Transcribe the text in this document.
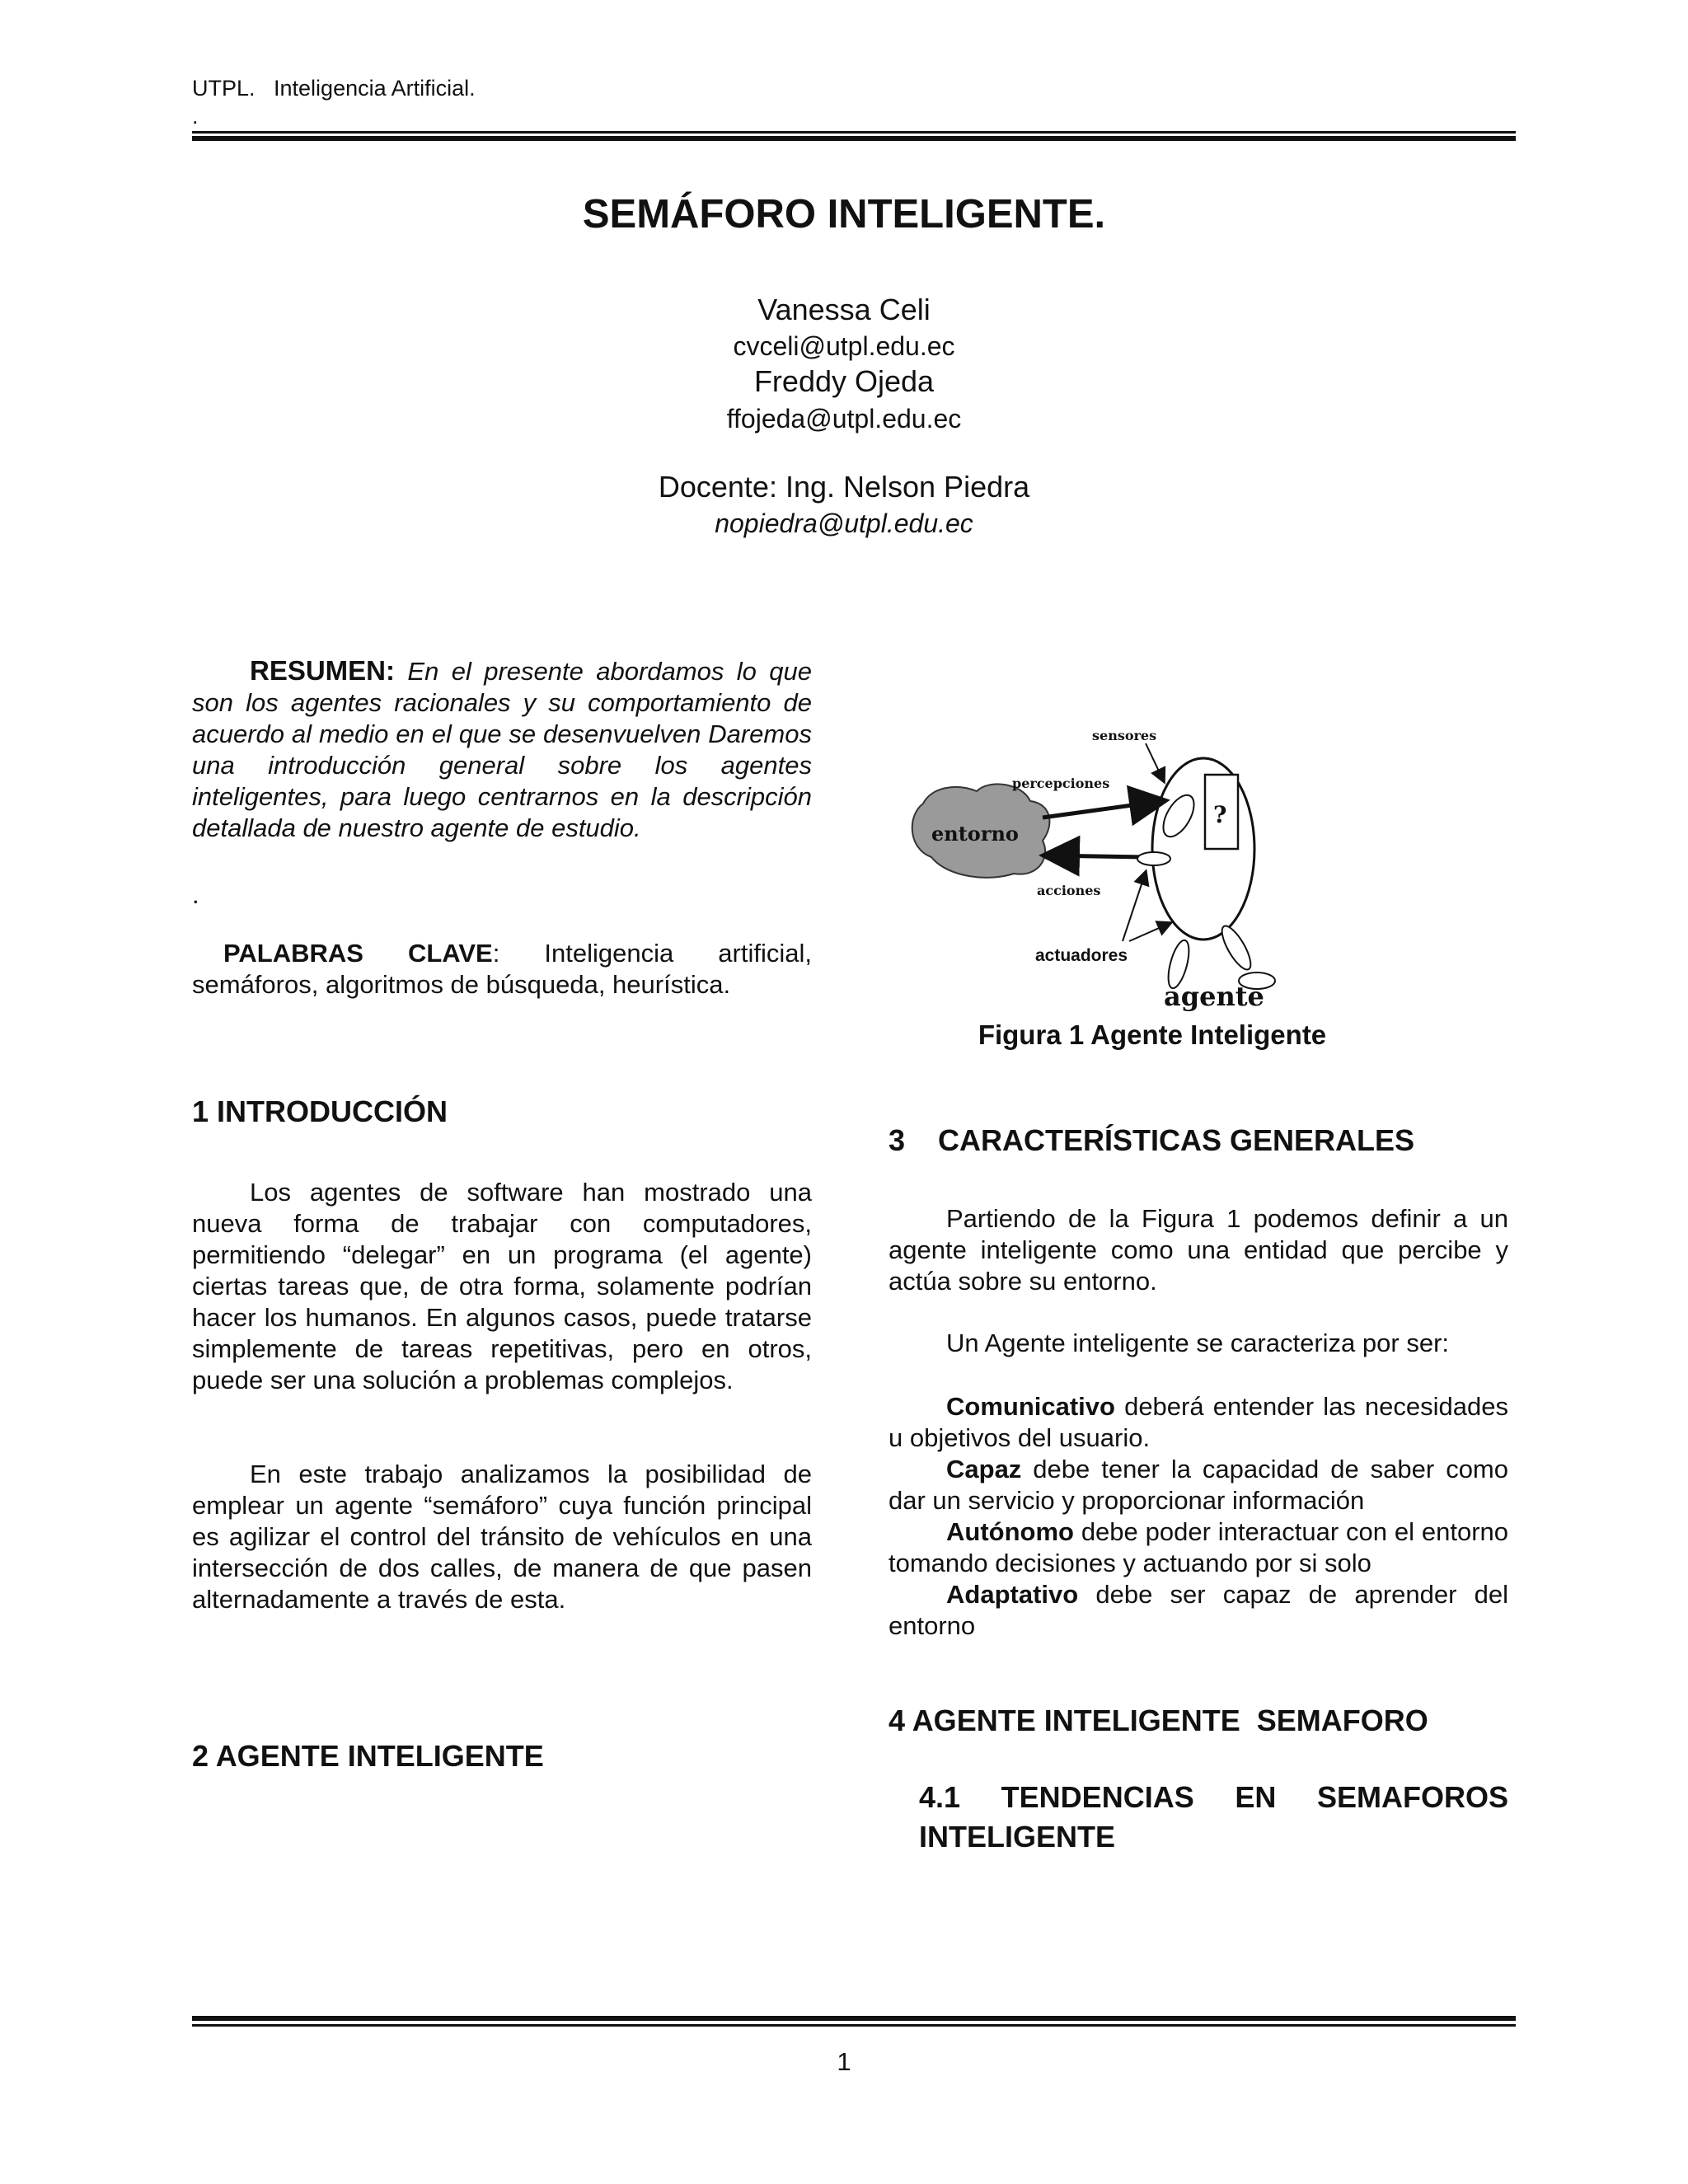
UTPL.   Inteligencia Artificial.
.
SEMÁFORO INTELIGENTE.
Vanessa Celi
cvceli@utpl.edu.ec
Freddy Ojeda
ffojeda@utpl.edu.ec
Docente: Ing. Nelson Piedra
nopiedra@utpl.edu.ec
RESUMEN: En el presente abordamos lo que son los agentes racionales y su comportamiento de acuerdo al medio en el que se desenvuelven Daremos una introducción general sobre los agentes inteligentes, para luego centrarnos en la descripción detallada de nuestro agente de estudio.
.
PALABRAS CLAVE: Inteligencia artificial, semáforos, algoritmos de búsqueda, heurística.
1 INTRODUCCIÓN
Los agentes de software han mostrado una nueva forma de trabajar con computadores, permitiendo “delegar” en un programa (el agente) ciertas tareas que, de otra forma, solamente podrían hacer los humanos. En algunos casos, puede tratarse simplemente de tareas repetitivas, pero en otros, puede ser una solución a problemas complejos.
En este trabajo analizamos la posibilidad de emplear un agente “semáforo” cuya función principal es agilizar el control del tránsito de vehículos en una intersección de dos calles, de manera de que pasen alternadamente a través de esta.
2 AGENTE INTELIGENTE
entorno
?
sensores
percepciones
acciones
actuadores
agente
Figura 1 Agente Inteligente
3    CARACTERÍSTICAS GENERALES
Partiendo de la Figura 1 podemos definir a un agente inteligente como una entidad que percibe y actúa sobre su entorno.
Un Agente inteligente se caracteriza por ser:
Comunicativo deberá entender las necesidades u objetivos del usuario.
Capaz debe tener la capacidad de saber como dar un servicio y proporcionar información
Autónomo debe poder interactuar con el entorno tomando decisiones y actuando por si solo
Adaptativo debe ser capaz de aprender del entorno
4 AGENTE INTELIGENTE  SEMAFORO
4.1 TENDENCIAS EN SEMAFOROS INTELIGENTE
1
